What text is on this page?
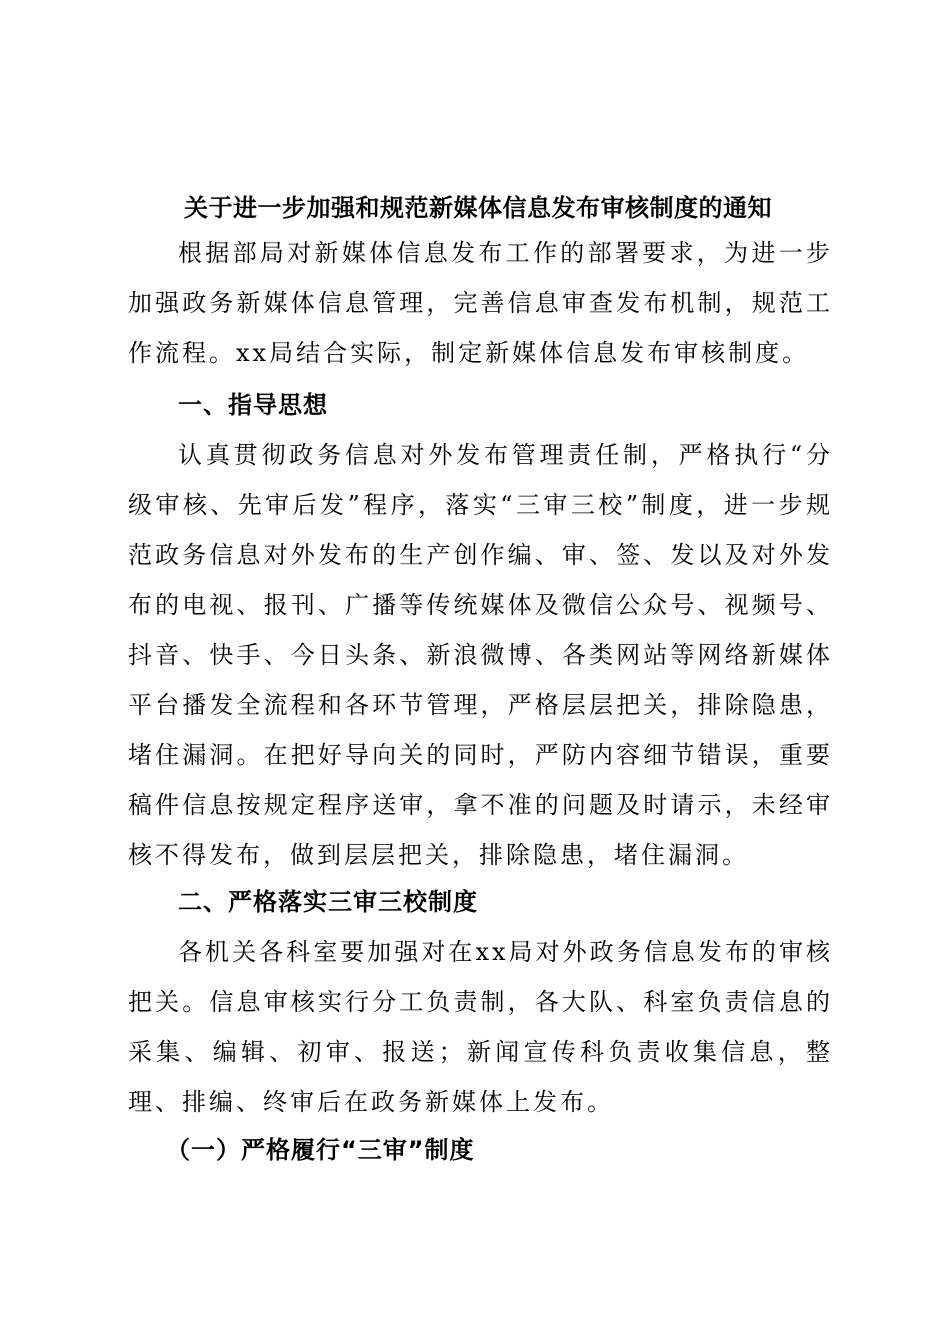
关于进一步加强和规范新媒体信息发布审核制度的通知

根据部局对新媒体信息发布工作的部署要求，为进一步加强政务新媒体信息管理，完善信息审查发布机制，规范工作流程。xx局结合实际，制定新媒体信息发布审核制度。

一、指导思想

认真贯彻政务信息对外发布管理责任制，严格执行“分级审核、先审后发”程序，落实“三审三校”制度，进一步规范政务信息对外发布的生产创作编、审、签、发以及对外发布的电视、报刊、广播等传统媒体及微信公众号、视频号、抖音、快手、今日头条、新浪微博、各类网站等网络新媒体平台播发全流程和各环节管理，严格层层把关，排除隐患，堵住漏洞。在把好导向关的同时，严防内容细节错误，重要稿件信息按规定程序送审，拿不准的问题及时请示，未经审核不得发布，做到层层把关，排除隐患，堵住漏洞。

二、严格落实三审三校制度

各机关各科室要加强对在xx局对外政务信息发布的审核把关。信息审核实行分工负责制，各大队、科室负责信息的采集、编辑、初审、报送；新闻宣传科负责收集信息，整理、排编、终审后在政务新媒体上发布。

（一）严格履行“三审”制度
